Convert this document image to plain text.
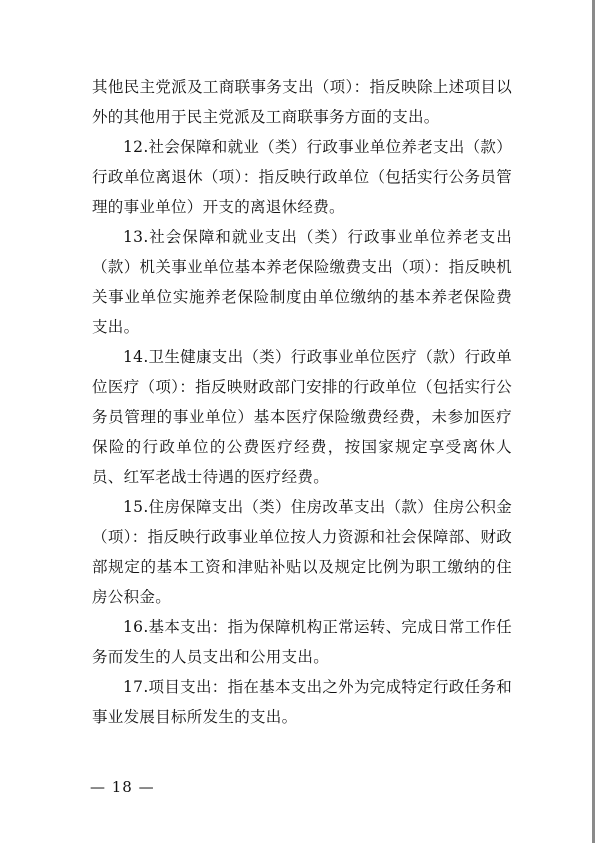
其他民主党派及工商联事务支出（项）：指反映除上述项目以外的其他用于民主党派及工商联事务方面的支出。

12.社会保障和就业（类）行政事业单位养老支出（款）行政单位离退休（项）：指反映行政单位（包括实行公务员管理的事业单位）开支的离退休经费。

13.社会保障和就业支出（类）行政事业单位养老支出（款）机关事业单位基本养老保险缴费支出（项）：指反映机关事业单位实施养老保险制度由单位缴纳的基本养老保险费支出。

14.卫生健康支出（类）行政事业单位医疗（款）行政单位医疗（项）：指反映财政部门安排的行政单位（包括实行公务员管理的事业单位）基本医疗保险缴费经费，未参加医疗保险的行政单位的公费医疗经费，按国家规定享受离休人员、红军老战士待遇的医疗经费。

15.住房保障支出（类）住房改革支出（款）住房公积金（项）：指反映行政事业单位按人力资源和社会保障部、财政部规定的基本工资和津贴补贴以及规定比例为职工缴纳的住房公积金。

16.基本支出：指为保障机构正常运转、完成日常工作任务而发生的人员支出和公用支出。

17.项目支出：指在基本支出之外为完成特定行政任务和事业发展目标所发生的支出。

— 18 —
